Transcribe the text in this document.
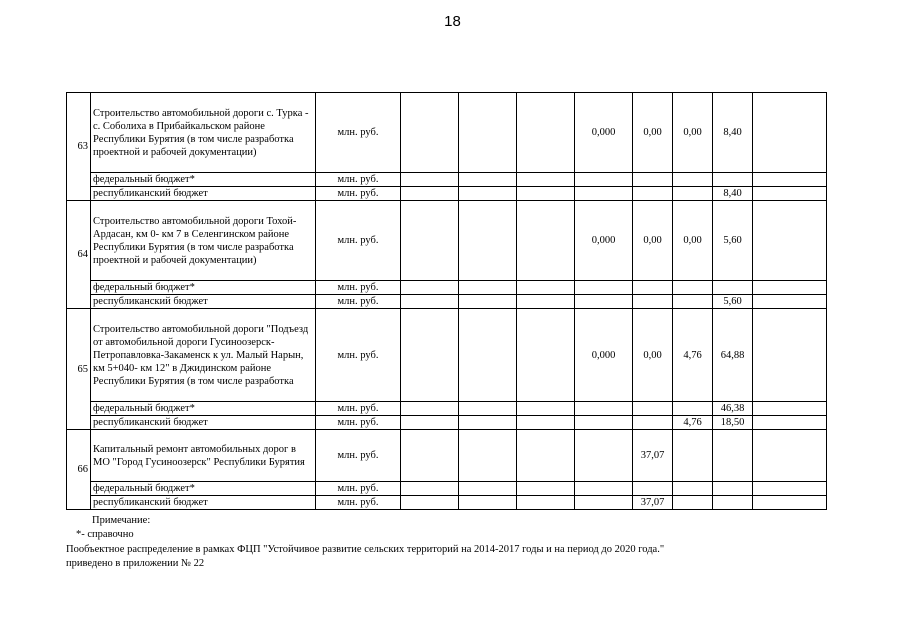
18
63	Строительство автомобильной дороги с. Турка - с. Соболиха в Прибайкальском районе Республики Бурятия (в том числе разработка проектной и рабочей документации)	млн. руб.				0,000	0,00	0,00	8,40	
	федеральный бюджет*	млн. руб.								
	республиканский бюджет	млн. руб.							8,40	
64	Строительство автомобильной дороги Тохой-Ардасан, км 0- км 7 в Селенгинском районе Республики Бурятия (в том числе разработка проектной и рабочей документации)	млн. руб.				0,000	0,00	0,00	5,60	
	федеральный бюджет*	млн. руб.								
	республиканский бюджет	млн. руб.							5,60	
65	Строительство автомобильной дороги "Подъезд от автомобильной дороги Гусиноозерск-Петропавловка-Закаменск к ул. Малый Нарын, км 5+040- км 12" в Джидинском районе Республики Бурятия (в том числе разработка	млн. руб.				0,000	0,00	4,76	64,88	
	федеральный бюджет*	млн. руб.							46,38	
	республиканский бюджет	млн. руб.						4,76	18,50	
66	Капитальный ремонт автомобильных дорог в МО "Город Гусиноозерск" Республики Бурятия	млн. руб.					37,07			
	федеральный бюджет*	млн. руб.								
	республиканский бюджет	млн. руб.					37,07			
Примечание:
*- справочно
Пообъектное распределение в рамках ФЦП "Устойчивое развитие сельских территорий на 2014-2017 годы и на период до 2020 года."
приведено в приложении № 22
